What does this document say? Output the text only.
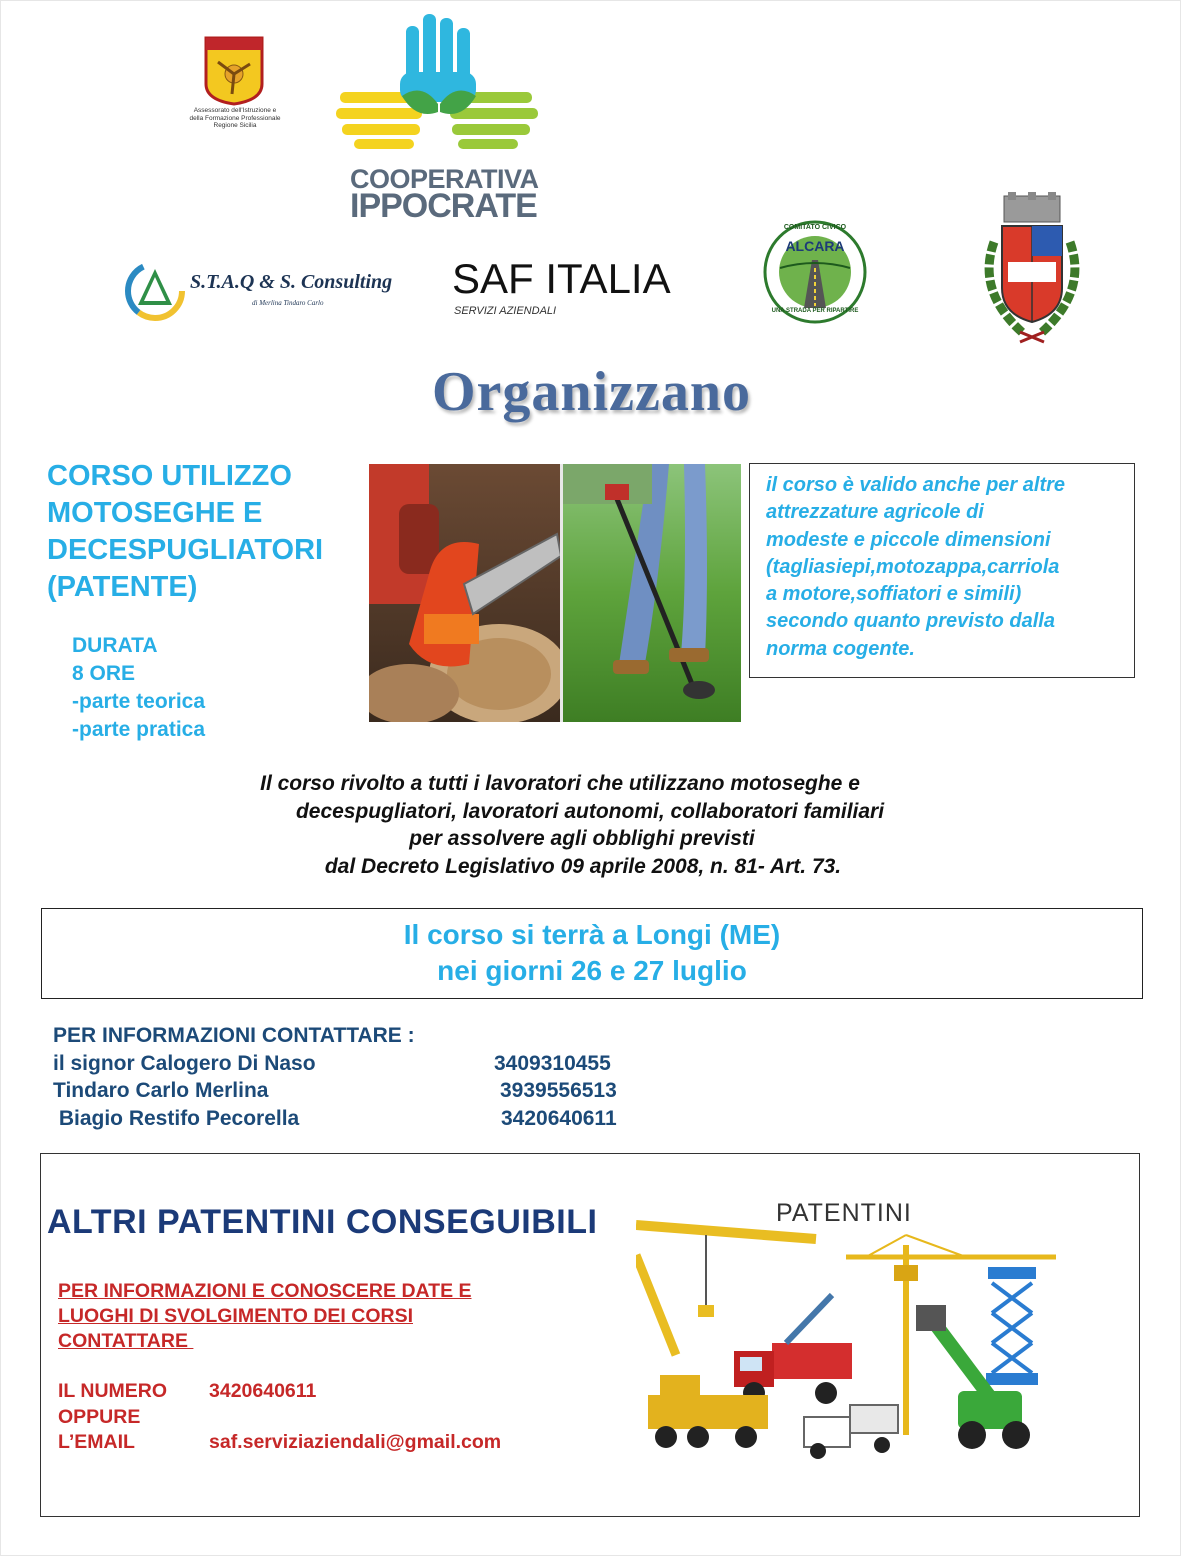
Assessorato dell'Istruzione e
della Formazione Professionale
Regione Sicilia
COOPERATIVA
IPPOCRATE
S.T.A.Q & S. Consulting
di Merlina Tindaro Carlo
SAF ITALIA
SERVIZI AZIENDALI
COMITATO CIVICO
ALCARA
UNA STRADA PER RIPARTIRE
Organizzano
CORSO UTILIZZO
MOTOSEGHE E
DECESPUGLIATORI
(PATENTE)
DURATA
8 ORE
-parte teorica
-parte pratica
il corso è valido anche per altre
attrezzature agricole di
modeste e piccole dimensioni
(tagliasiepi,motozappa,carriola
a motore,soffiatori e simili)
secondo quanto previsto dalla
norma cogente.
Il corso rivolto a tutti i lavoratori che utilizzano motoseghe e
decespugliatori, lavoratori autonomi, collaboratori familiari
per assolvere agli obblighi previsti
dal Decreto Legislativo 09 aprile 2008, n. 81- Art. 73.
Il corso si terrà a Longi (ME)
nei giorni 26 e 27 luglio
PER INFORMAZIONI CONTATTARE :
il signor Calogero Di Naso	3409310455
Tindaro Carlo Merlina	3939556513
Biagio Restifo Pecorella	3420640611
ALTRI PATENTINI CONSEGUIBILI
PER INFORMAZIONI E CONOSCERE DATE E
LUOGHI DI SVOLGIMENTO DEI CORSI
CONTATTARE
IL NUMERO 3420640611
OPPURE
L’EMAIL	saf.serviziaziendali@gmail.com
PATENTINI
